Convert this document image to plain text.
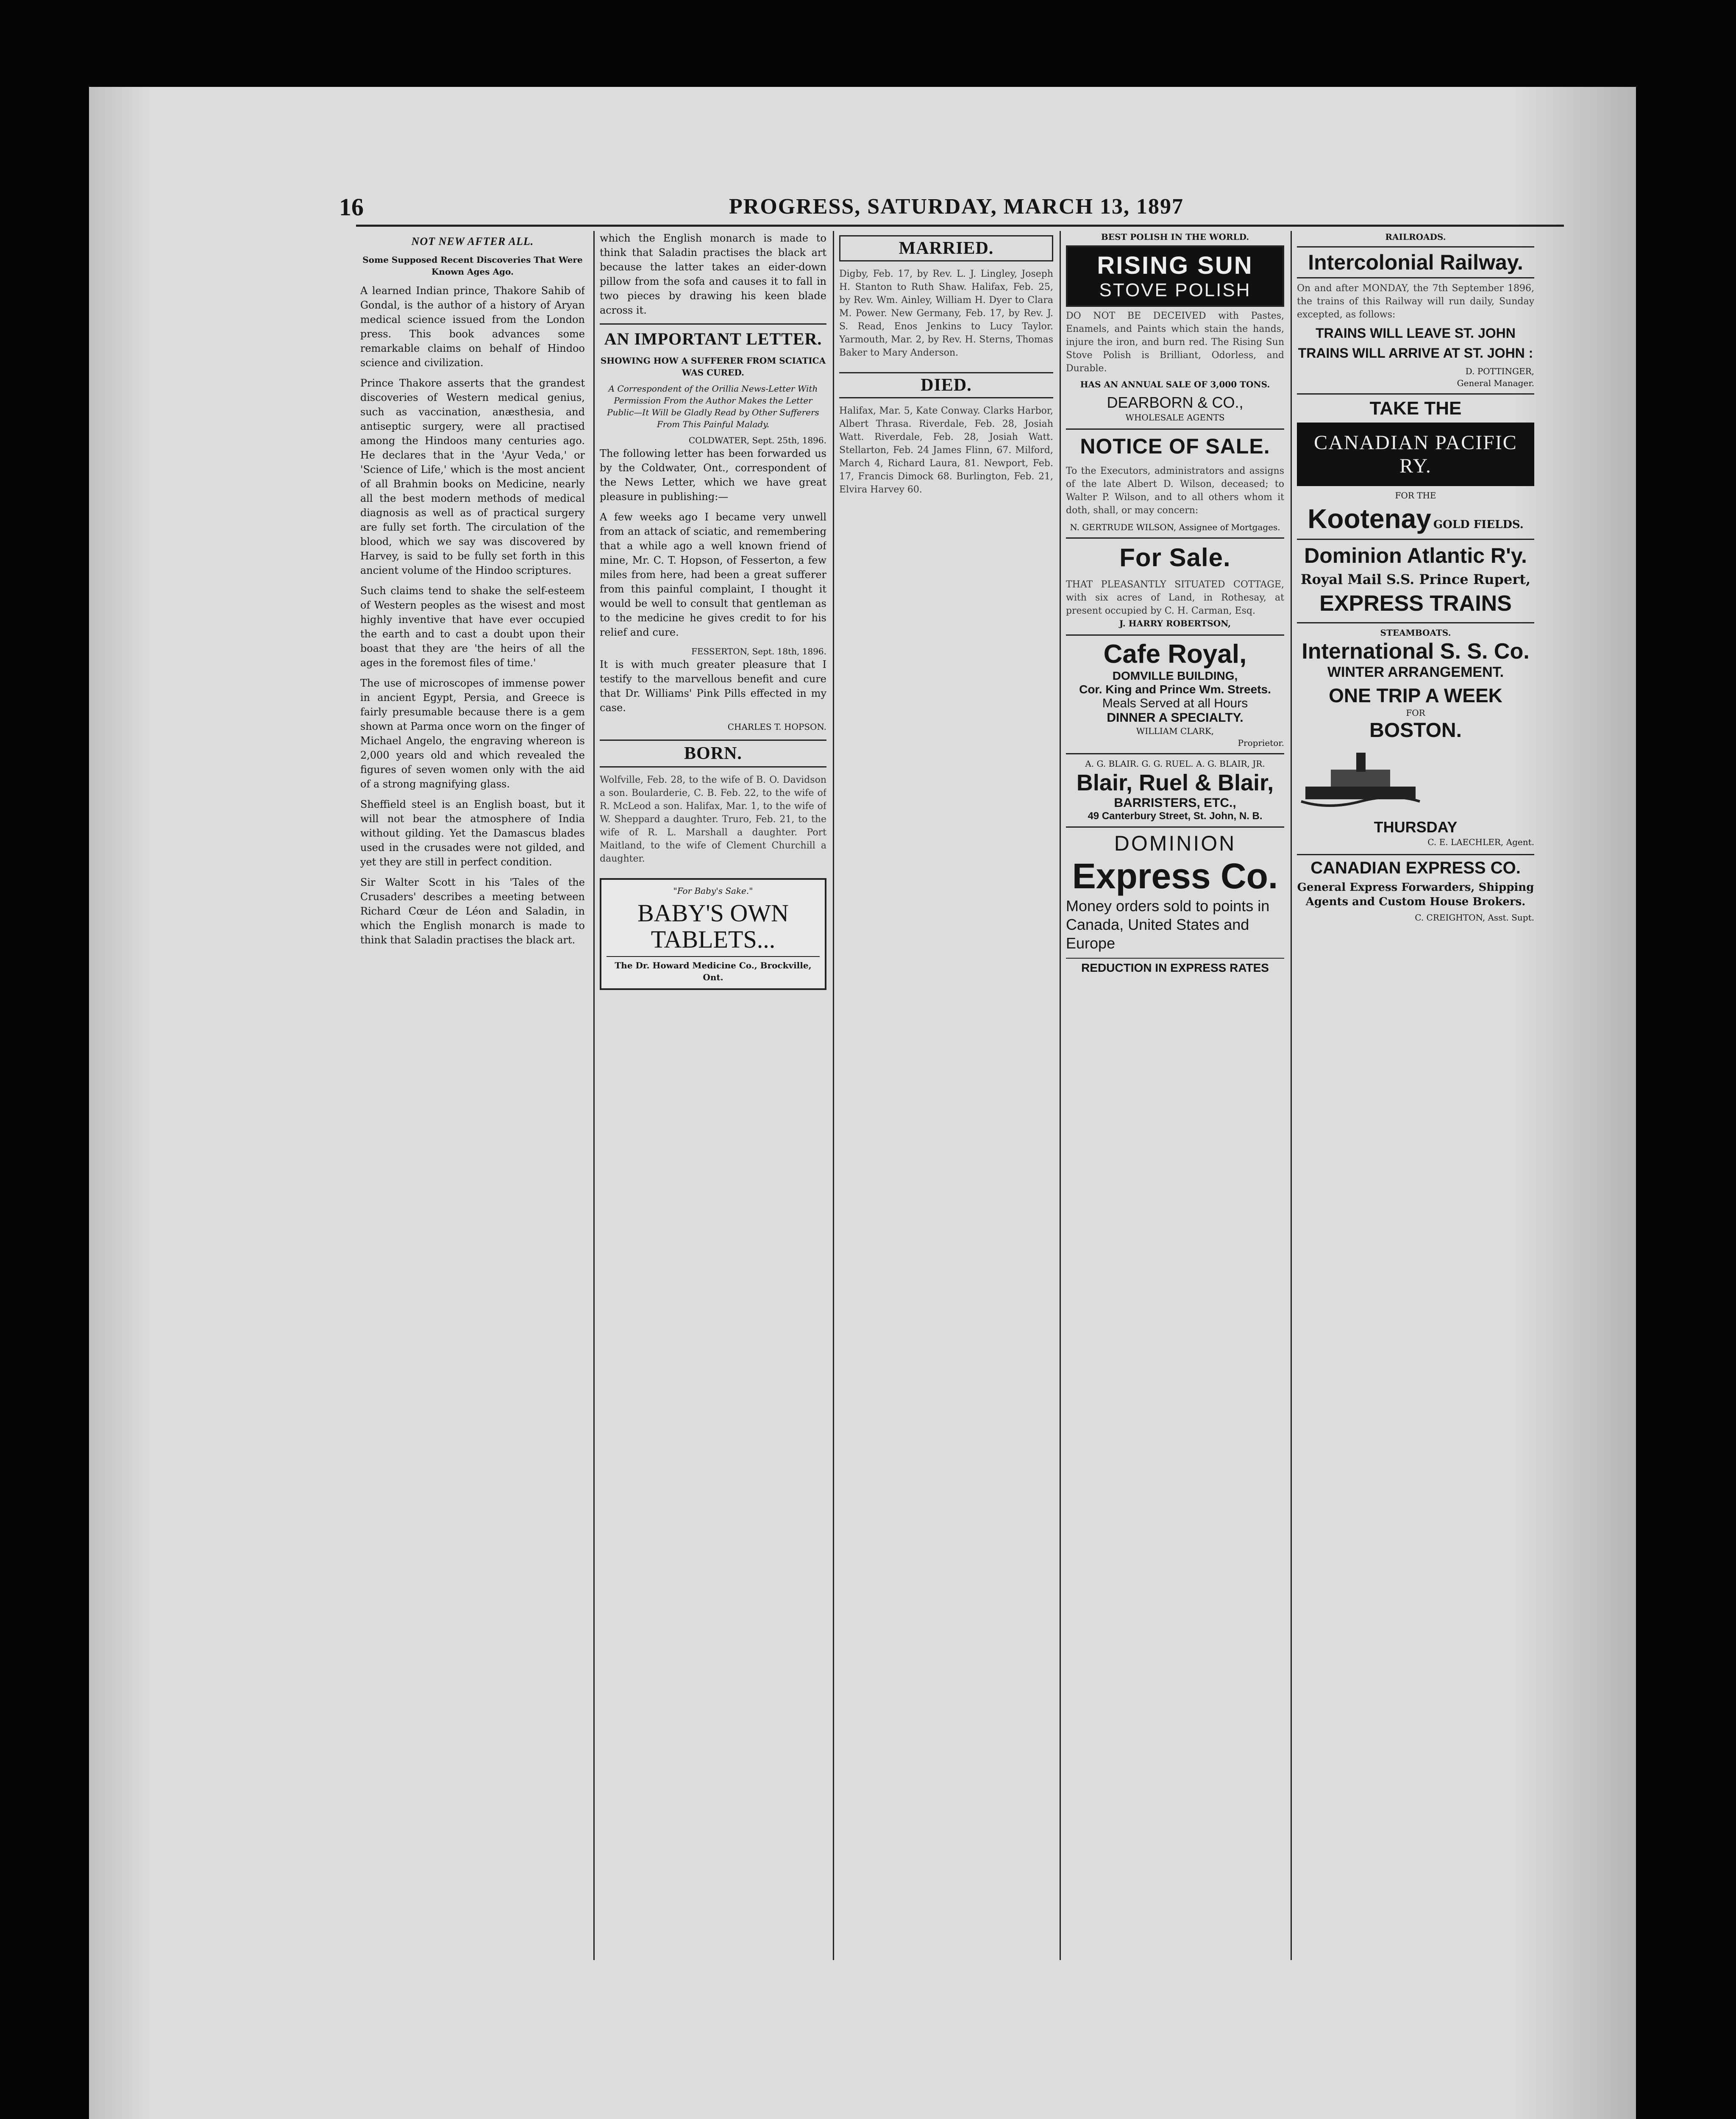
16	PROGRESS, SATURDAY, MARCH 13, 1897
NOT NEW AFTER ALL.
Some Supposed Recent Discoveries That Were Known Ages Ago.

A learned Indian prince, Thakore Sahib of Gondal, is the author of a history of Aryan medical science issued from the London press. This book advances some remarkable claims on behalf of Hindoo science and civilization.

Prince Thakore asserts that the grandest discoveries of Western medical genius, such as vaccination, anæsthesia, and antiseptic surgery, were all practised among the Hindoos many centuries ago. He declares that in the 'Ayur Veda,' or 'Science of Life,' which is the most ancient of all Brahmin books on Medicine, nearly all the best modern methods of medical diagnosis as well as of practical surgery are fully set forth. The circulation of the blood, which we say was discovered by Harvey, is said to be fully set forth in this ancient volume of the Hindoo scriptures.

Such claims tend to shake the self-esteem of Western peoples as the wisest and most highly inventive that have ever occupied the earth and to cast a doubt upon their boast that they are 'the heirs of all the ages in the foremost files of time.'

The use of microscopes of immense power in ancient Egypt, Persia, and Greece is fairly presumable because there is a gem shown at Parma once worn on the finger of Michael Angelo, the engraving whereon is 2,000 years old and which revealed the figures of seven women only with the aid of a strong magnifying glass.

Sheffield steel is an English boast, but it will not bear the atmosphere of India without gilding. Yet the Damascus blades used in the crusades were not gilded, and yet they are still in perfect condition.

Sir Walter Scott in his 'Tales of the Crusaders' describes a meeting between Richard Cœur de Léon and Saladin, in which the English monarch is made to think that Saladin practises the black art.

which the English monarch is made to think that Saladin practises the black art because the latter takes an eider-down pillow from the sofa and causes it to fall in two pieces by drawing his keen blade across it.

AN IMPORTANT LETTER.
SHOWING HOW A SUFFERER FROM SCIATICA WAS CURED.
A Correspondent of the Orillia News-Letter With Permission From the Author Makes the Letter Public—It Will be Gladly Read by Other Sufferers From This Painful Malady.
COLDWATER, Sept. 25th, 1896.

The following letter has been forwarded us by the Coldwater, Ont., correspondent of the News Letter, which we have great pleasure in publishing:—

A few weeks ago I became very unwell from an attack of sciatic, and remembering that a while ago a well known friend of mine, Mr. C. T. Hopson, of Fesserton, a few miles from here, had been a great sufferer from this painful complaint, I thought it would be well to consult that gentleman as to the medicine he gives credit to for his relief and cure.

FESSERTON, Sept. 18th, 1896.

It is with much greater pleasure that I testify to the marvellous benefit and cure that Dr. Williams' Pink Pills effected in my case.

CHARLES T. HOPSON.
BORN.
Wolfville, Feb. 28, to the wife of B. O. Davidson a son. Boularderie, C. B. Feb. 22, to the wife of R. McLeod a son. Halifax, Mar. 1, to the wife of W. Sheppard a daughter. Truro, Feb. 21, to the wife of R. L. Marshall a daughter. Port Maitland, to the wife of Clement Churchill a daughter.
"For Baby's Sake."
BABY'S OWN TABLETS...
The Dr. Howard Medicine Co., Brockville, Ont.
MARRIED.
Digby, Feb. 17, by Rev. L. J. Lingley, Joseph H. Stanton to Ruth Shaw. Halifax, Feb. 25, by Rev. Wm. Ainley, William H. Dyer to Clara M. Power. New Germany, Feb. 17, by Rev. J. S. Read, Enos Jenkins to Lucy Taylor. Yarmouth, Mar. 2, by Rev. H. Sterns, Thomas Baker to Mary Anderson.
DIED.
Halifax, Mar. 5, Kate Conway. Clarks Harbor, Albert Thrasa. Riverdale, Feb. 28, Josiah Watt. Riverdale, Feb. 28, Josiah Watt. Stellarton, Feb. 24 James Flinn, 67. Milford, March 4, Richard Laura, 81. Newport, Feb. 17, Francis Dimock 68. Burlington, Feb. 21, Elvira Harvey 60.
BEST POLISH IN THE WORLD.
RISING SUN
STOVE POLISH
DO NOT BE DECEIVED with Pastes, Enamels, and Paints which stain the hands, injure the iron, and burn red. The Rising Sun Stove Polish is Brilliant, Odorless, and Durable.
HAS AN ANNUAL SALE OF 3,000 TONS.
DEARBORN & CO.,
WHOLESALE AGENTS
NOTICE OF SALE.
To the Executors, administrators and assigns of the late Albert D. Wilson, deceased; to Walter P. Wilson, and to all others whom it doth, shall, or may concern:
N. GERTRUDE WILSON, Assignee of Mortgages.
For Sale.
THAT PLEASANTLY SITUATED COTTAGE, with six acres of Land, in Rothesay, at present occupied by C. H. Carman, Esq.
J. HARRY ROBERTSON,
Cafe Royal,
DOMVILLE BUILDING,
Cor. King and Prince Wm. Streets.
Meals Served at all Hours
DINNER A SPECIALTY.
WILLIAM CLARK,
Proprietor.
A. G. BLAIR. G. G. RUEL. A. G. BLAIR, JR.
Blair, Ruel & Blair,
BARRISTERS, ETC.,
49 Canterbury Street, St. John, N. B.
DOMINION
Express Co.
Money orders sold to points in Canada, United States and Europe
REDUCTION IN EXPRESS RATES
RAILROADS.
Intercolonial Railway.
On and after MONDAY, the 7th September 1896, the trains of this Railway will run daily, Sunday excepted, as follows:
TRAINS WILL LEAVE ST. JOHN
TRAINS WILL ARRIVE AT ST. JOHN :
D. POTTINGER,
General Manager.
TAKE THE
CANADIAN PACIFIC RY.
FOR THE
Kootenay GOLD FIELDS.
Dominion Atlantic R'y.
Royal Mail S.S. Prince Rupert,
EXPRESS TRAINS
STEAMBOATS.
International S. S. Co.
WINTER ARRANGEMENT.
ONE TRIP A WEEK
FOR
BOSTON.
THURSDAY
C. E. LAECHLER, Agent.
CANADIAN EXPRESS CO.
General Express Forwarders, Shipping Agents and Custom House Brokers.
C. CREIGHTON, Asst. Supt.
